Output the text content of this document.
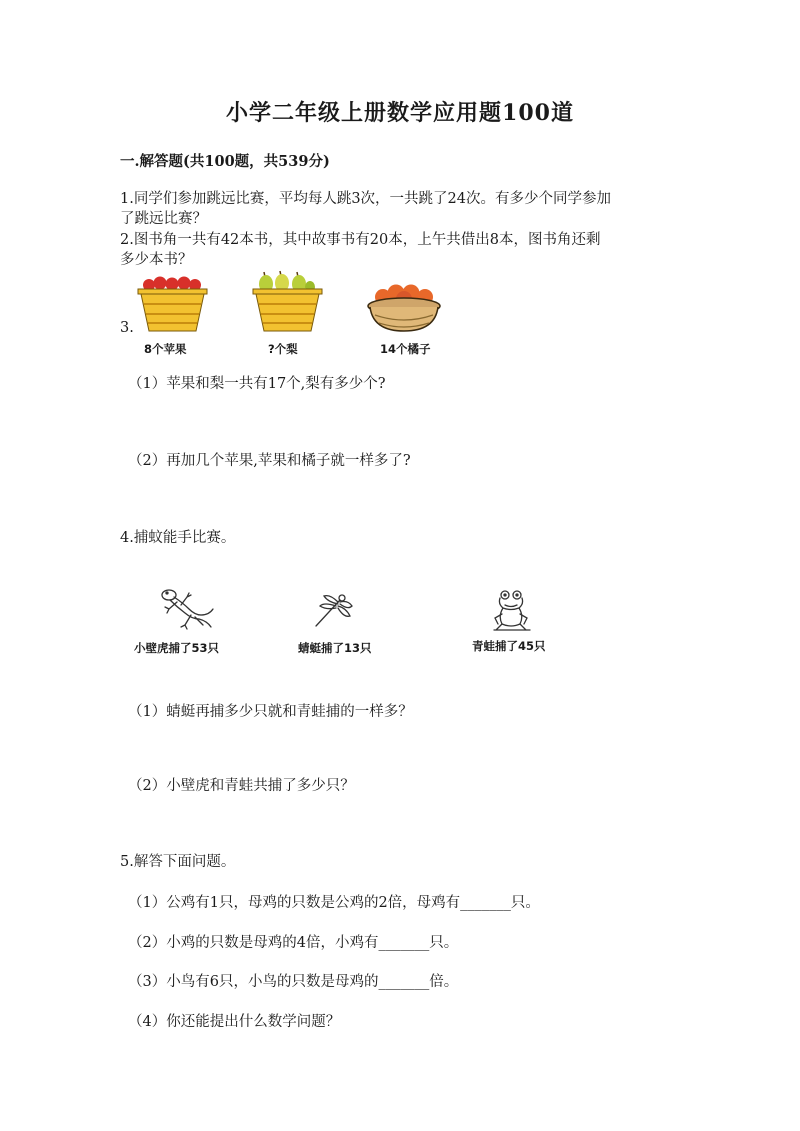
小学二年级上册数学应用题100道
一.解答题(共100题，共539分)
1.同学们参加跳远比赛，平均每人跳3次，一共跳了24次。有多少个同学参加
了跳远比赛？
2.图书角一共有42本书，其中故事书有20本，上午共借出8本，图书角还剩
多少本书？
3.
8个苹果	?个梨	14个橘子
（1）苹果和梨一共有17个,梨有多少个?
（2）再加几个苹果,苹果和橘子就一样多了?
4.捕蚊能手比赛。
小壁虎捕了53只	蜻蜓捕了13只	青蛙捕了45只
（1）蜻蜓再捕多少只就和青蛙捕的一样多？
（2）小壁虎和青蛙共捕了多少只？
5.解答下面问题。
（1）公鸡有1只，母鸡的只数是公鸡的2倍，母鸡有_______只。
（2）小鸡的只数是母鸡的4倍，小鸡有_______只。
（3）小鸟有6只，小鸟的只数是母鸡的_______倍。
（4）你还能提出什么数学问题？
